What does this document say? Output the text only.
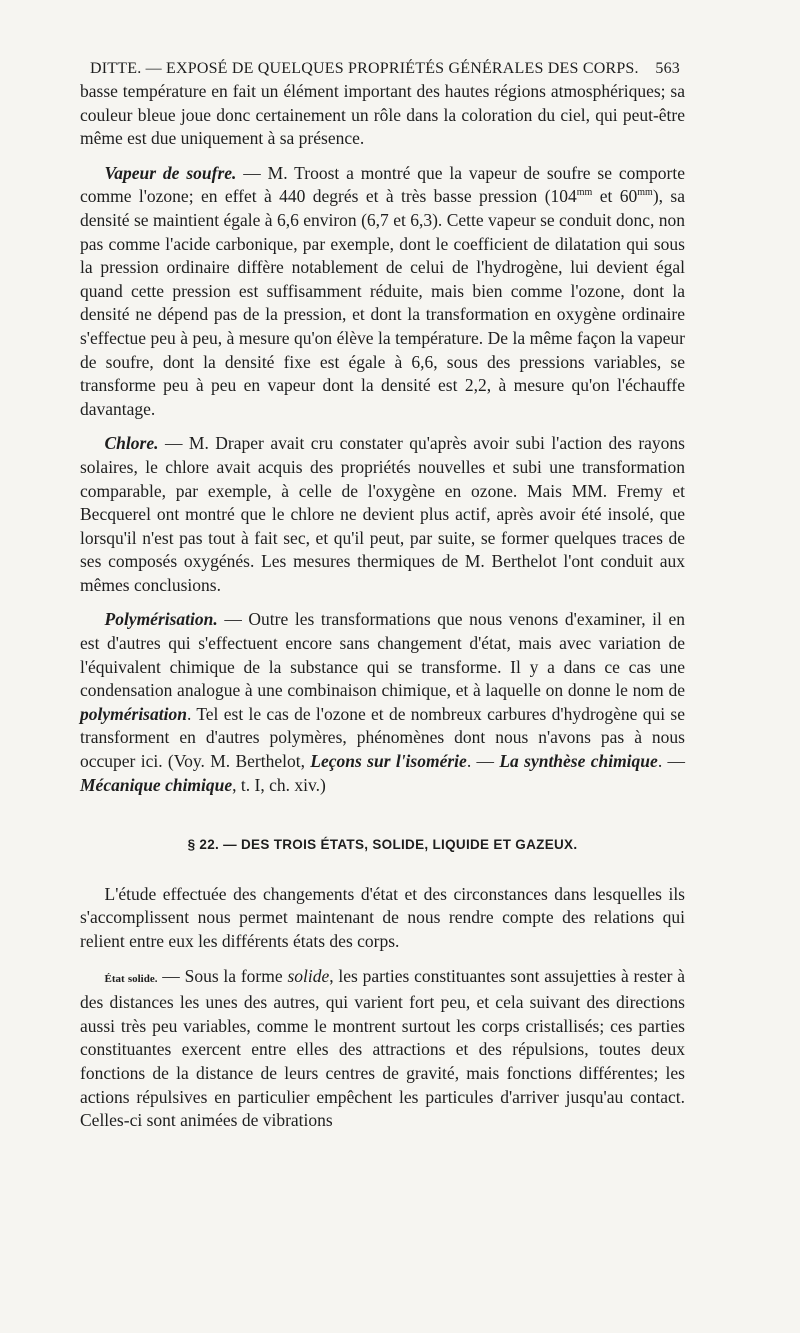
DITTE. — EXPOSÉ DE QUELQUES PROPRIÉTÉS GÉNÉRALES DES CORPS. 563

basse température en fait un élément important des hautes régions atmosphériques; sa couleur bleue joue donc certainement un rôle dans la coloration du ciel, qui peut-être même est due uniquement à sa présence.

Vapeur de soufre. — M. Troost a montré que la vapeur de soufre se comporte comme l'ozone; en effet à 440 degrés et à très basse pression ($104^{mm}$ et $60^{mm}$), sa densité se maintient égale à 6,6 environ (6,7 et 6,3). Cette vapeur se conduit donc, non pas comme l'acide carbonique, par exemple, dont le coefficient de dilatation qui sous la pression ordinaire diffère notablement de celui de l'hydrogène, lui devient égal quand cette pression est suffisamment réduite, mais bien comme l'ozone, dont la densité ne dépend pas de la pression, et dont la transformation en oxygène ordinaire s'effectue peu à peu, à mesure qu'on élève la température. De la même façon la vapeur de soufre, dont la densité fixe est égale à 6,6, sous des pressions variables, se transforme peu à peu en vapeur dont la densité est 2,2, à mesure qu'on l'échauffe davantage.

Chlore. — M. Draper avait cru constater qu'après avoir subi l'action des rayons solaires, le chlore avait acquis des propriétés nouvelles et subi une transformation comparable, par exemple, à celle de l'oxygène en ozone. Mais MM. Fremy et Becquerel ont montré que le chlore ne devient plus actif, après avoir été insolé, que lorsqu'il n'est pas tout à fait sec, et qu'il peut, par suite, se former quelques traces de ses composés oxygénés. Les mesures thermiques de M. Berthelot l'ont conduit aux mêmes conclusions.

Polymérisation. — Outre les transformations que nous venons d'examiner, il en est d'autres qui s'effectuent encore sans changement d'état, mais avec variation de l'équivalent chimique de la substance qui se transforme. Il y a dans ce cas une condensation analogue à une combinaison chimique, et à laquelle on donne le nom de polymérisation. Tel est le cas de l'ozone et de nombreux carbures d'hydrogène qui se transforment en d'autres polymères, phénomènes dont nous n'avons pas à nous occuper ici. (Voy. M. Berthelot, Leçons sur l'isomérie. — La synthèse chimique. — Mécanique chimique, t. I, ch. xiv.)

§ 22. — DES TROIS ÉTATS, SOLIDE, LIQUIDE ET GAZEUX.

L'étude effectuée des changements d'état et des circonstances dans lesquelles ils s'accomplissent nous permet maintenant de nous rendre compte des relations qui relient entre eux les différents états des corps.

État solide. — Sous la forme solide, les parties constituantes sont assujetties à rester à des distances les unes des autres, qui varient fort peu, et cela suivant des directions aussi très peu variables, comme le montrent surtout les corps cristallisés; ces parties constituantes exercent entre elles des attractions et des répulsions, toutes deux fonctions de la distance de leurs centres de gravité, mais fonctions différentes; les actions répulsives en particulier empêchent les particules d'arriver jusqu'au contact. Celles-ci sont animées de vibrations
